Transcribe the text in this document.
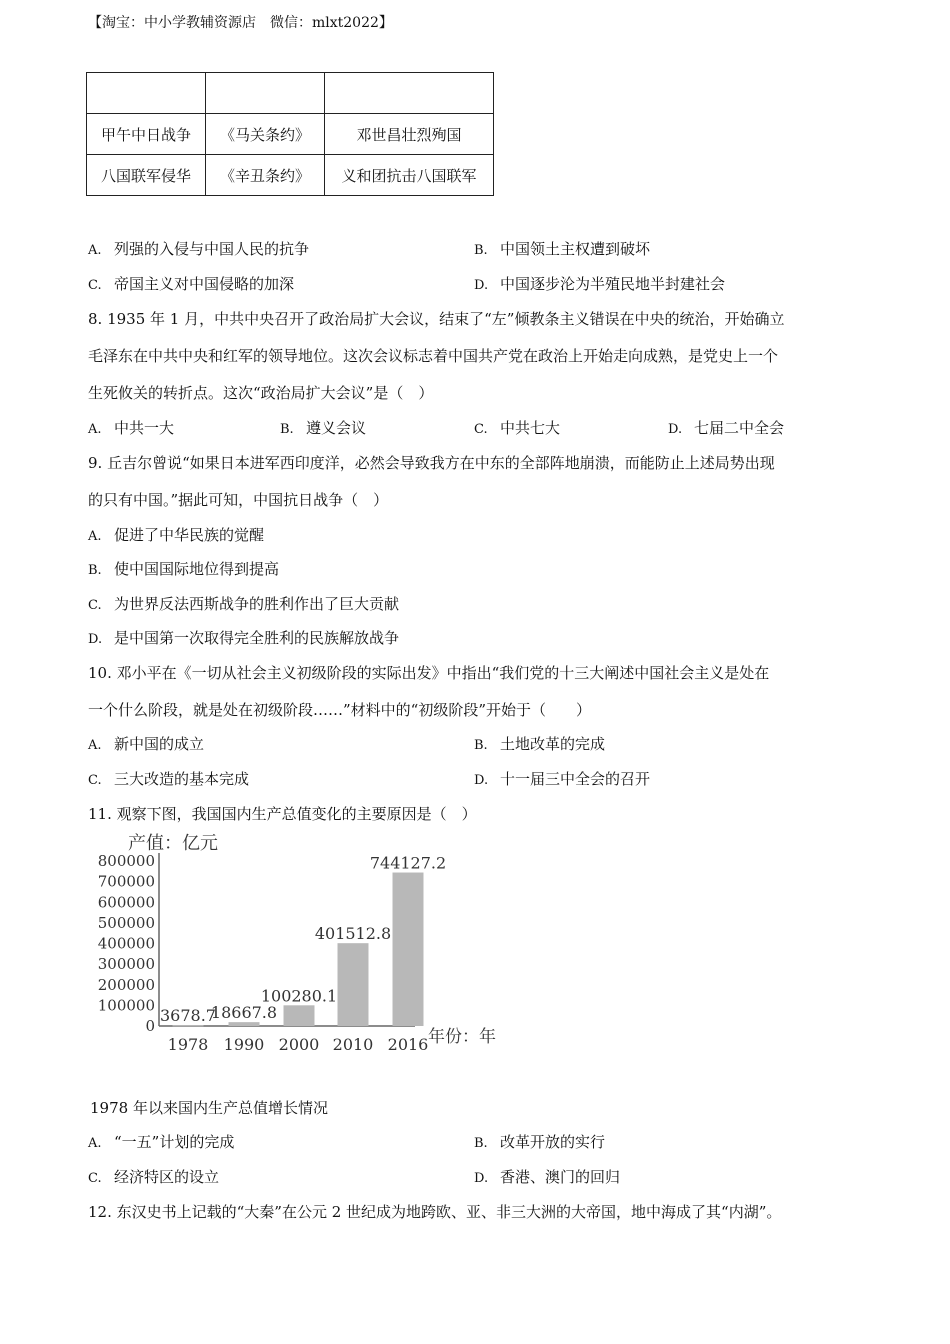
【淘宝：中小学教辅资源店　微信：mlxt2022】

甲午中日战争	《马关条约》	邓世昌壮烈殉国
八国联军侵华	《辛丑条约》	义和团抗击八国联军
A. 列强的入侵与中国人民的抗争	B. 中国领土主权遭到破坏
C. 帝国主义对中国侵略的加深	D. 中国逐步沦为半殖民地半封建社会
8. 1935 年 1 月，中共中央召开了政治局扩大会议，结束了“左”倾教条主义错误在中央的统治，开始确立
毛泽东在中共中央和红军的领导地位。这次会议标志着中国共产党在政治上开始走向成熟，是党史上一个
生死攸关的转折点。这次“政治局扩大会议”是（　）
A. 中共一大	B. 遵义会议	C. 中共七大	D. 七届二中全会
9. 丘吉尔曾说“如果日本进军西印度洋，必然会导致我方在中东的全部阵地崩溃，而能防止上述局势出现
的只有中国。”据此可知，中国抗日战争（　）
A. 促进了中华民族的觉醒
B. 使中国国际地位得到提高
C. 为世界反法西斯战争的胜利作出了巨大贡献
D. 是中国第一次取得完全胜利的民族解放战争
10. 邓小平在《一切从社会主义初级阶段的实际出发》中指出“我们党的十三大阐述中国社会主义是处在
一个什么阶段，就是处在初级阶段……”材料中的“初级阶段”开始于（　　）
A. 新中国的成立	B. 土地改革的完成
C. 三大改造的基本完成	D. 十一届三中全会的召开
11. 观察下图，我国国内生产总值变化的主要原因是（　）
产值：亿元
800000
700000
600000
500000
400000
300000
200000
100000
0
3678.7
1978
18667.8
1990
100280.1
2000
401512.8
2010
744127.2
2016 年份：年
1978 年以来国内生产总值增长情况
A. “一五”计划的完成	B. 改革开放的实行
C. 经济特区的设立	D. 香港、澳门的回归
12. 东汉史书上记载的“大秦”在公元 2 世纪成为地跨欧、亚、非三大洲的大帝国，地中海成了其“内湖”。
